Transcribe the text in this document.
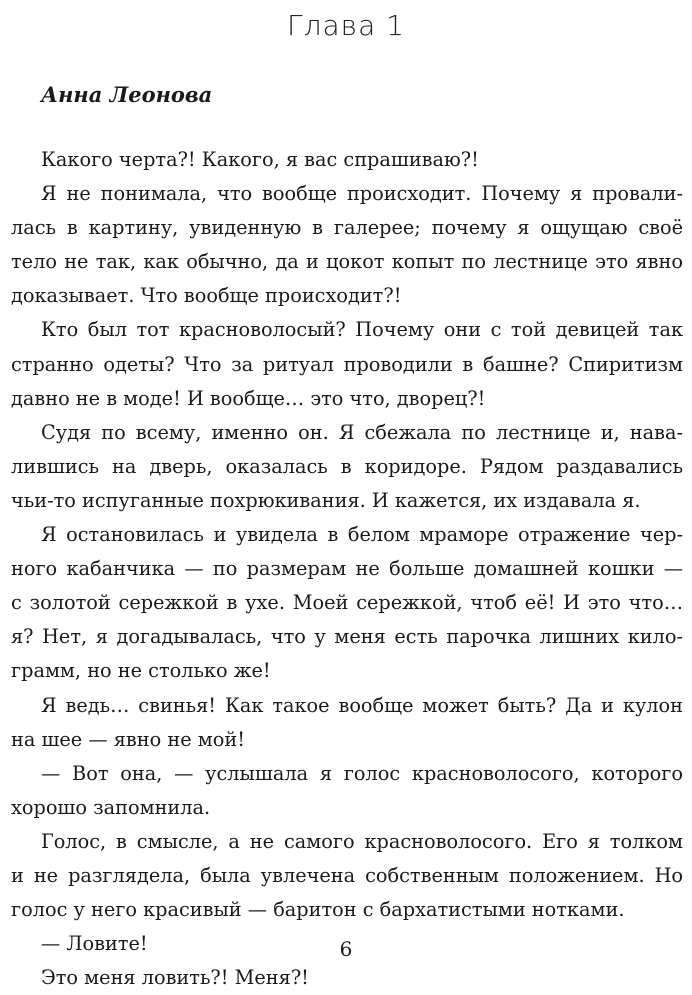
Глава 1
Анна Леонова
Какого черта?! Какого, я вас спрашиваю?!
Я не понимала, что вообще происходит. Почему я провали-
лась в картину, увиденную в галерее; почему я ощущаю своё
тело не так, как обычно, да и цокот копыт по лестнице это явно
доказывает. Что вообще происходит?!
Кто был тот красноволосый? Почему они с той девицей так
странно одеты? Что за ритуал проводили в башне? Спиритизм
давно не в моде! И вообще… это что, дворец?!
Судя по всему, именно он. Я сбежала по лестнице и, нава-
лившись на дверь, оказалась в коридоре. Рядом раздавались
чьи-то испуганные похрюкивания. И кажется, их издавала я.
Я остановилась и увидела в белом мраморе отражение чер-
ного кабанчика — по размерам не больше домашней кошки —
с золотой сережкой в ухе. Моей сережкой, чтоб её! И это что…
я? Нет, я догадывалась, что у меня есть парочка лишних кило-
грамм, но не столько же!
Я ведь… свинья! Как такое вообще может быть? Да и кулон
на шее — явно не мой!
— Вот она, — услышала я голос красноволосого, которого
хорошо запомнила.
Голос, в смысле, а не самого красноволосого. Его я толком
и не разглядела, была увлечена собственным положением. Но
голос у него красивый — баритон с бархатистыми нотками.
— Ловите!
Это меня ловить?! Меня?!
6
